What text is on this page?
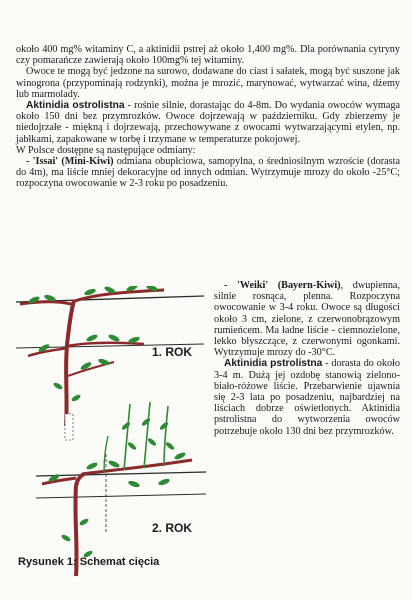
około 400 mg% witaminy C, a aktinidii pstrej aż około 1,400 mg%. Dla porównania cytryny czy pomarańcze zawierają około 100mg% tej witaminy.

Owoce te mogą być jedzone na surowo, dodawane do ciast i sałatek, mogą być suszone jak winogrona (przypominają rodzynki), można je mrozić, marynować, wytwarzać wina, dżemy lub marmolady.

Aktinidia ostrolistna - rośnie silnie, dorastając do 4-8m. Do wydania owoców wymaga około 150 dni bez przymrozków. Owoce dojrzewają w październiku. Gdy zbierzemy je niedojrzałe - miękną i dojrzewają, przechowywane z owocami wytwarzającymi etylen, np. jabłkami, zapakowane w torbę i trzymane w temperaturze pokojowej.

W Polsce dostępne są następujące odmiany:

- 'Issai' (Mini-Kiwi) odmiana obupłciowa, samopylna, o średniosilnym wzroście (dorasta do 4m), ma liście mniej dekoracyjne od innych odmian. Wytrzymuje mrozy do około -25°C; rozpoczyna owocowanie w 2-3 roku po posadzeniu.

- 'Weiki' (Bayern-Kiwi), dwupienna, silnie rosnąca, plenna. Rozpoczyna owocowanie w 3-4 roku. Owoce są długości około 3 cm, zielone, z czerwonobrązowym rumieńcem. Ma ładne liście - ciemnozielone, lekko błyszczące, z czerwonymi ogonkami. Wytrzymuje mrozy do -30°C.

Aktinidia pstrolistna - dorasta do około 3-4 m. Dużą jej ozdobę stanowią zielono-biało-różowe liście. Przebarwienie ujawnia się 2-3 lata po posadzeniu, najbardziej na liściach dobrze oświetlonych. Aktinidia pstrolistna do wytworzenia owoców potrzebuje około 130 dni bez przymrozków.

1. ROK
2. ROK
Rysunek 1: Schemat cięcia
